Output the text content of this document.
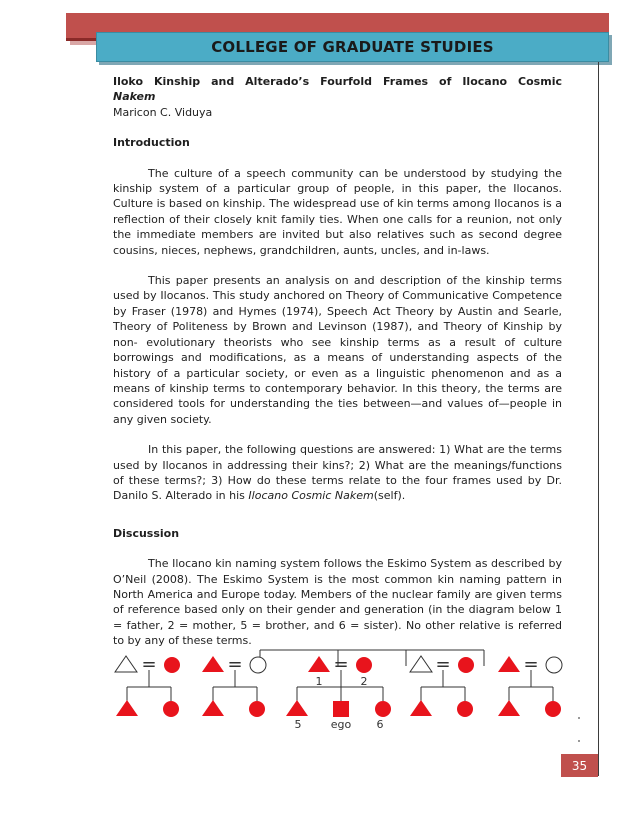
COLLEGE OF GRADUATE STUDIES

Iloko Kinship and Alterado’s Fourfold Frames of Ilocano Cosmic

Nakem

Maricon C. Viduya

Introduction

The culture of a speech community can be understood by studying the kinship system of a particular group of people, in this paper, the Ilocanos. Culture is based on kinship. The widespread use of kin terms among Ilocanos is a reflection of their closely knit family ties. When one calls for a reunion, not only the immediate members are invited but also relatives such as second degree cousins, nieces, nephews, grandchildren, aunts, uncles, and in-laws.

This paper presents an analysis on and description of the kinship terms used by Ilocanos. This study anchored on Theory of Communicative Competence by Fraser (1978) and Hymes (1974), Speech Act Theory by Austin and Searle, Theory of Politeness by Brown and Levinson (1987), and Theory of Kinship by non- evolutionary theorists who see kinship terms as a result of culture borrowings and modifications, as a means of understanding aspects of the history of a particular society, or even as a linguistic phenomenon and as a means of kinship terms to contemporary behavior. In this theory, the terms are considered tools for understanding the ties between—and values of—people in any given society.

In this paper, the following questions are answered: 1) What are the terms used by Ilocanos in addressing their kins?; 2) What are the meanings/functions of these terms?; 3) How do these terms relate to the four frames used by Dr. Danilo S. Alterado in his Ilocano Cosmic Nakem(self).

Discussion

The Ilocano kin naming system follows the Eskimo System as described by O’Neil (2008). The Eskimo System is the most common kin naming pattern in North America and Europe today. Members of the nuclear family are given terms of reference based only on their gender and generation (in the diagram below 1 = father, 2 = mother, 5 = brother, and 6 = sister). No other relative is referred to by any of these terms.

=	=	=	=	=
1	2
5	ego 6
35
